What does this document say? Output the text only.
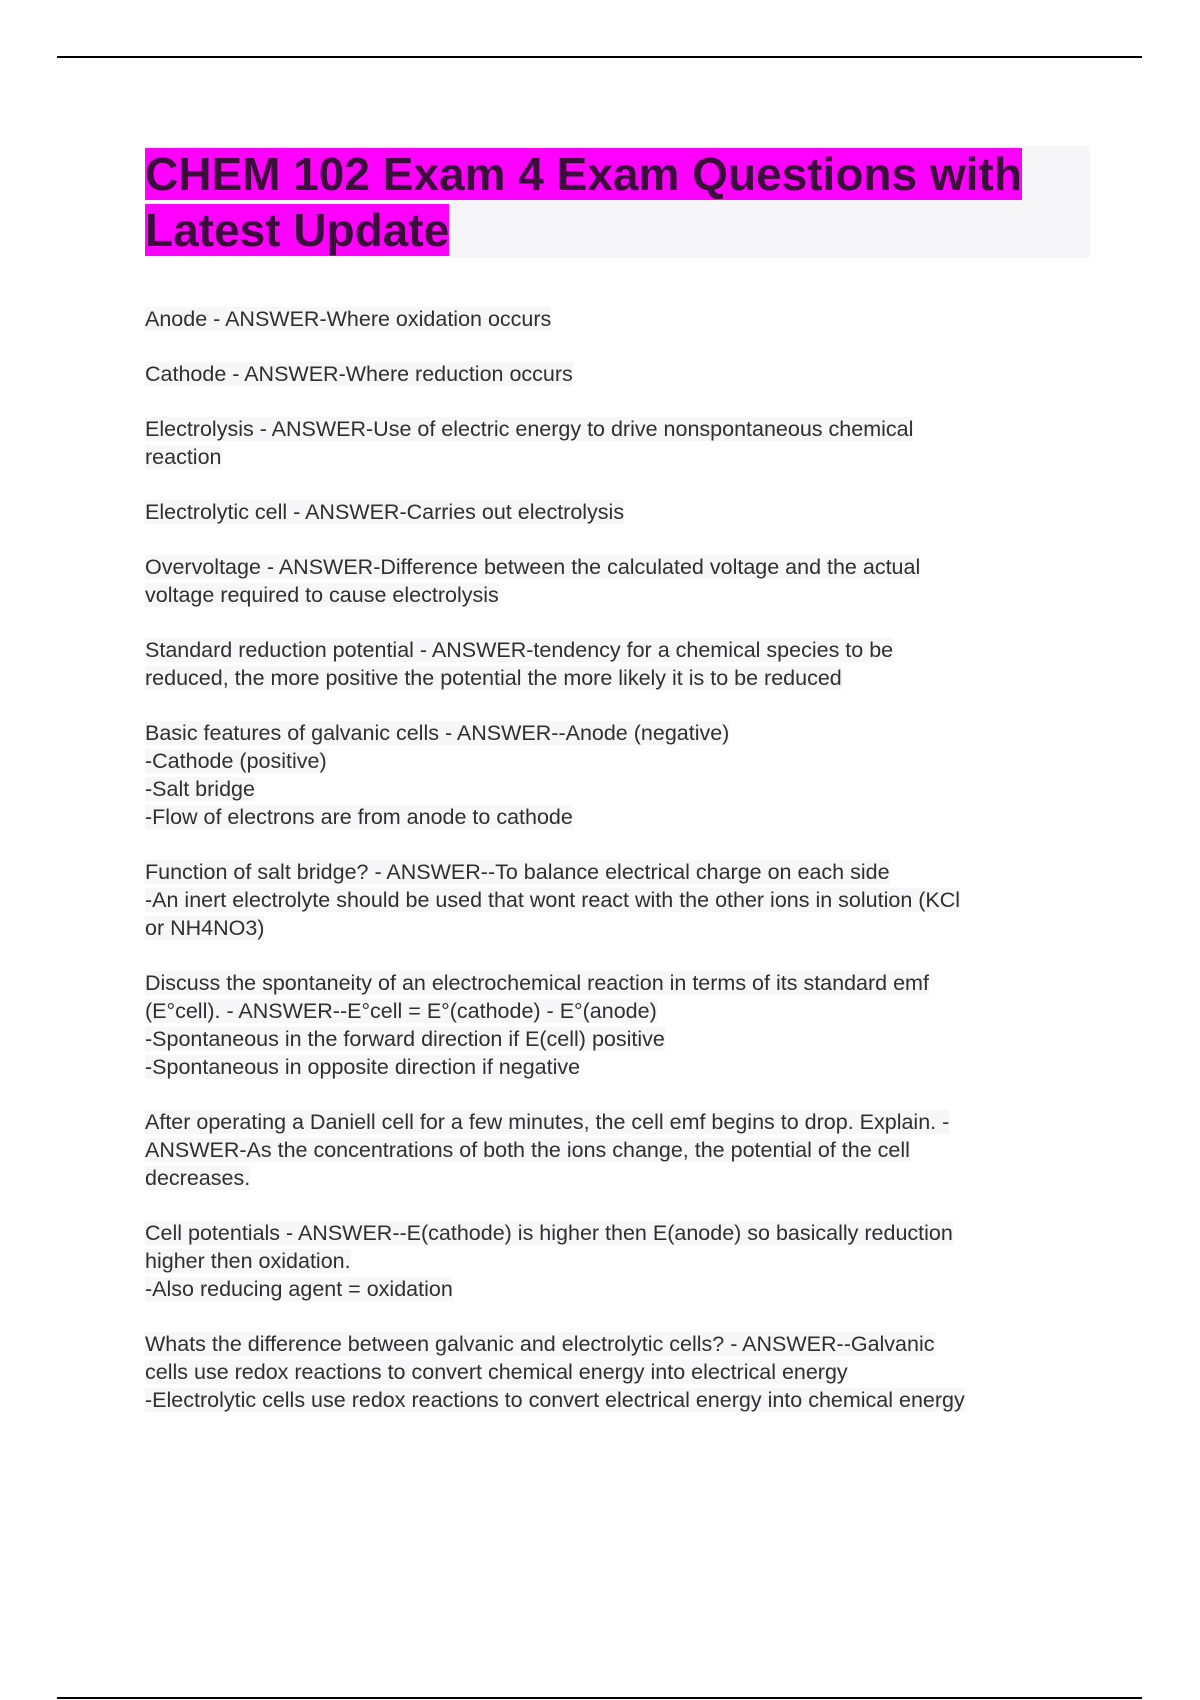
CHEM 102 Exam 4 Exam Questions with Latest Update

Anode - ANSWER-Where oxidation occurs

Cathode - ANSWER-Where reduction occurs

Electrolysis - ANSWER-Use of electric energy to drive nonspontaneous chemical
reaction

Electrolytic cell - ANSWER-Carries out electrolysis

Overvoltage - ANSWER-Difference between the calculated voltage and the actual
voltage required to cause electrolysis

Standard reduction potential - ANSWER-tendency for a chemical species to be
reduced, the more positive the potential the more likely it is to be reduced

Basic features of galvanic cells - ANSWER--Anode (negative)
-Cathode (positive)
-Salt bridge
-Flow of electrons are from anode to cathode

Function of salt bridge? - ANSWER--To balance electrical charge on each side
-An inert electrolyte should be used that wont react with the other ions in solution (KCl
or NH4NO3)

Discuss the spontaneity of an electrochemical reaction in terms of its standard emf
(E°cell). - ANSWER--E°cell = E°(cathode) - E°(anode)
-Spontaneous in the forward direction if E(cell) positive
-Spontaneous in opposite direction if negative

After operating a Daniell cell for a few minutes, the cell emf begins to drop. Explain. -
ANSWER-As the concentrations of both the ions change, the potential of the cell
decreases.

Cell potentials - ANSWER--E(cathode) is higher then E(anode) so basically reduction
higher then oxidation.
-Also reducing agent = oxidation

Whats the difference between galvanic and electrolytic cells? - ANSWER--Galvanic
cells use redox reactions to convert chemical energy into electrical energy
-Electrolytic cells use redox reactions to convert electrical energy into chemical energy
